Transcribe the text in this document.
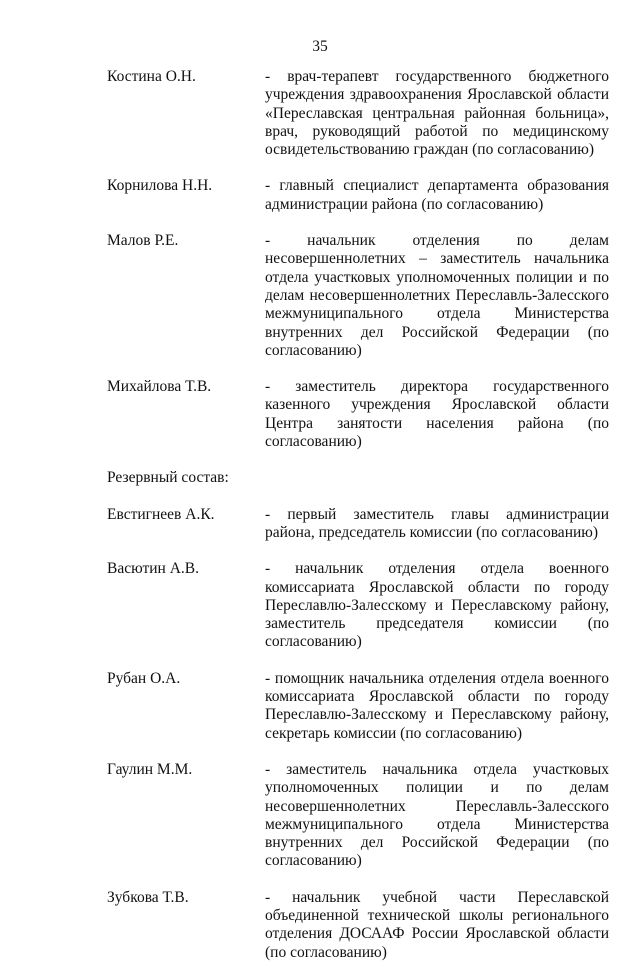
35
Костина О.Н.	- врач-терапевт государственного бюджетного учреждения здравоохранения Ярославской области «Переславская центральная районная больница», врач, руководящий работой по медицинскому освидетельствованию граждан (по согласованию)
Корнилова Н.Н.	- главный специалист департамента образования администрации района (по согласованию)
Малов Р.Е.	- начальник отделения по делам несовершеннолетних – заместитель начальника отдела участковых уполномоченных полиции и по делам несовершеннолетних Переславль-Залесского межмуниципального отдела Министерства внутренних дел Российской Федерации (по согласованию)
Михайлова Т.В.	- заместитель директора государственного казенного учреждения Ярославской области Центра занятости населения района (по согласованию)
Резервный состав:
Евстигнеев А.К.	- первый заместитель главы администрации района, председатель комиссии (по согласованию)
Васютин А.В.	- начальник отделения отдела военного комиссариата Ярославской области по городу Переславлю-Залесскому и Переславскому району, заместитель председателя комиссии (по согласованию)
Рубан О.А.	- помощник начальника отделения отдела военного комиссариата Ярославской области по городу Переславлю-Залесскому и Переславскому району, секретарь комиссии (по согласованию)
Гаулин М.М.	- заместитель начальника отдела участковых уполномоченных полиции и по делам несовершеннолетних Переславль-Залесского межмуниципального отдела Министерства внутренних дел Российской Федерации (по согласованию)
Зубкова Т.В.	- начальник учебной части Переславской объединенной технической школы регионального отделения ДОСААФ России Ярославской области (по согласованию)
